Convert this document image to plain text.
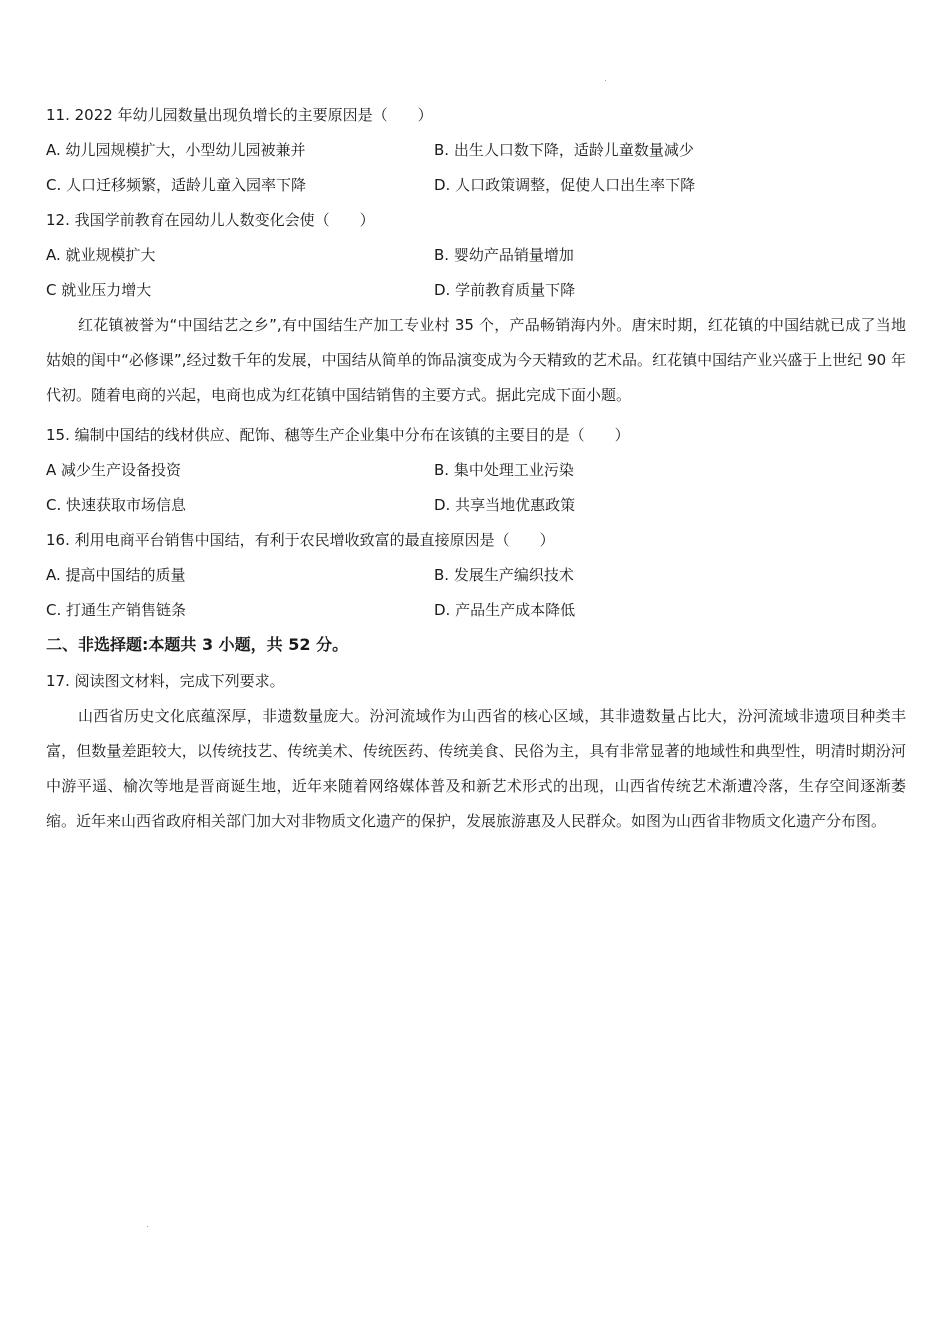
11. 2022 年幼儿园数量出现负增长的主要原因是（　　）
A. 幼儿园规模扩大，小型幼儿园被兼并	B. 出生人口数下降，适龄儿童数量减少
C. 人口迁移频繁，适龄儿童入园率下降	D. 人口政策调整，促使人口出生率下降
12. 我国学前教育在园幼儿人数变化会使（　　）
A. 就业规模扩大	B. 婴幼产品销量增加
C 就业压力增大	D. 学前教育质量下降
红花镇被誉为“中国结艺之乡”,有中国结生产加工专业村 35 个，产品畅销海内外。唐宋时期，红花镇的中国结就已成了当地姑娘的闺中“必修课”,经过数千年的发展，中国结从简单的饰品演变成为今天精致的艺术品。红花镇中国结产业兴盛于上世纪 90 年代初。随着电商的兴起，电商也成为红花镇中国结销售的主要方式。据此完成下面小题。
15. 编制中国结的线材供应、配饰、穗等生产企业集中分布在该镇的主要目的是（　　）
A 减少生产设备投资	B. 集中处理工业污染
C. 快速获取市场信息	D. 共享当地优惠政策
16. 利用电商平台销售中国结，有利于农民增收致富的最直接原因是（　　）
A. 提高中国结的质量	B. 发展生产编织技术
C. 打通生产销售链条	D. 产品生产成本降低
二、非选择题:本题共 3 小题，共 52 分。
17. 阅读图文材料，完成下列要求。
山西省历史文化底蕴深厚，非遗数量庞大。汾河流域作为山西省的核心区域，其非遗数量占比大，汾河流域非遗项目种类丰富，但数量差距较大，以传统技艺、传统美术、传统医药、传统美食、民俗为主，具有非常显著的地域性和典型性，明清时期汾河中游平遥、榆次等地是晋商诞生地，近年来随着网络媒体普及和新艺术形式的出现，山西省传统艺术渐遭冷落，生存空间逐渐萎缩。近年来山西省政府相关部门加大对非物质文化遗产的保护，发展旅游惠及人民群众。如图为山西省非物质文化遗产分布图。
